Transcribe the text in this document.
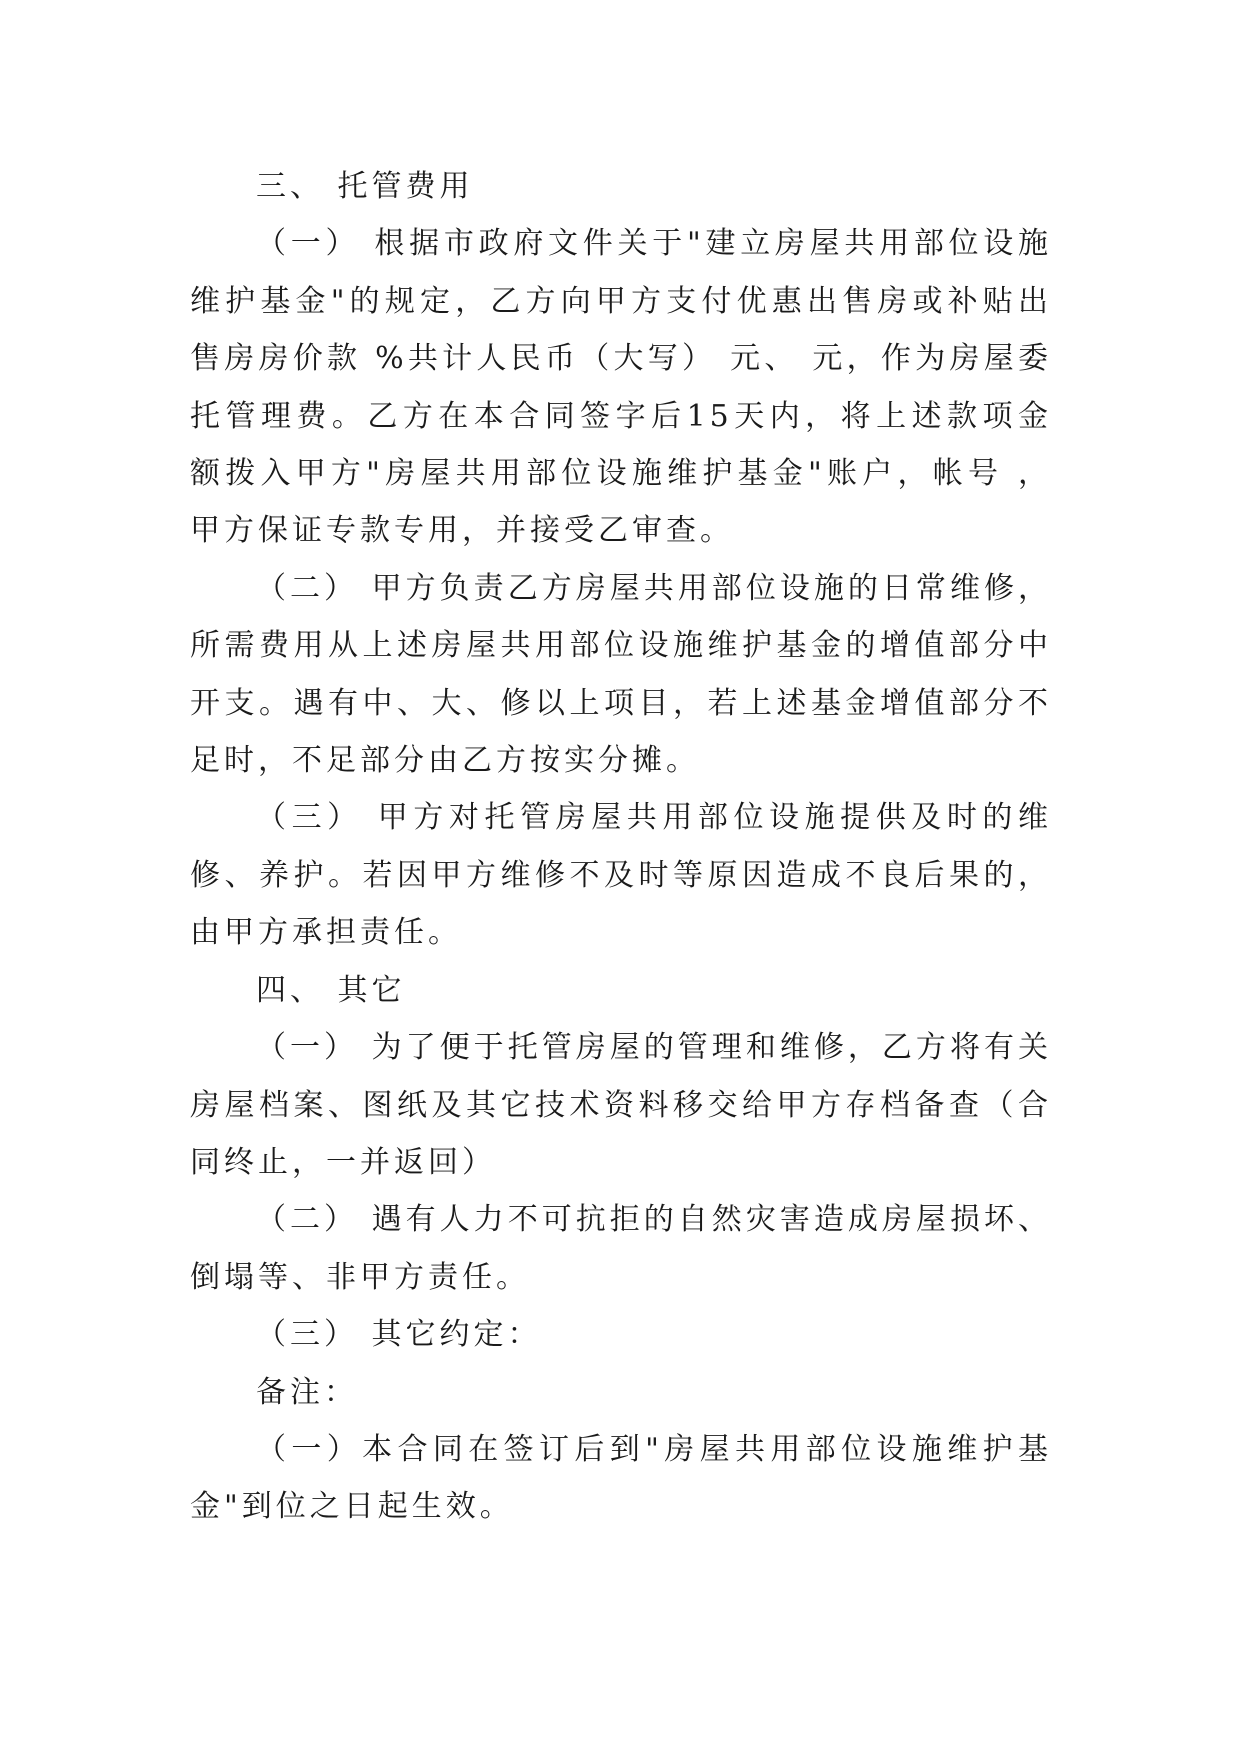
三、 托管费用

（一） 根据市政府文件关于"建立房屋共用部位设施维护基金"的规定，乙方向甲方支付优惠出售房或补贴出售房房价款 %共计人民币（大写） 元、 元，作为房屋委托管理费。乙方在本合同签字后15天内，将上述款项金额拨入甲方"房屋共用部位设施维护基金"账户，帐号 ，甲方保证专款专用，并接受乙审查。

（二） 甲方负责乙方房屋共用部位设施的日常维修，所需费用从上述房屋共用部位设施维护基金的增值部分中开支。遇有中、大、修以上项目，若上述基金增值部分不足时，不足部分由乙方按实分摊。

（三） 甲方对托管房屋共用部位设施提供及时的维修、养护。若因甲方维修不及时等原因造成不良后果的，由甲方承担责任。

四、 其它

（一） 为了便于托管房屋的管理和维修，乙方将有关房屋档案、图纸及其它技术资料移交给甲方存档备查（合同终止，一并返回）

（二） 遇有人力不可抗拒的自然灾害造成房屋损坏、倒塌等、非甲方责任。

（三） 其它约定：

备注：

（一）本合同在签订后到"房屋共用部位设施维护基金"到位之日起生效。
